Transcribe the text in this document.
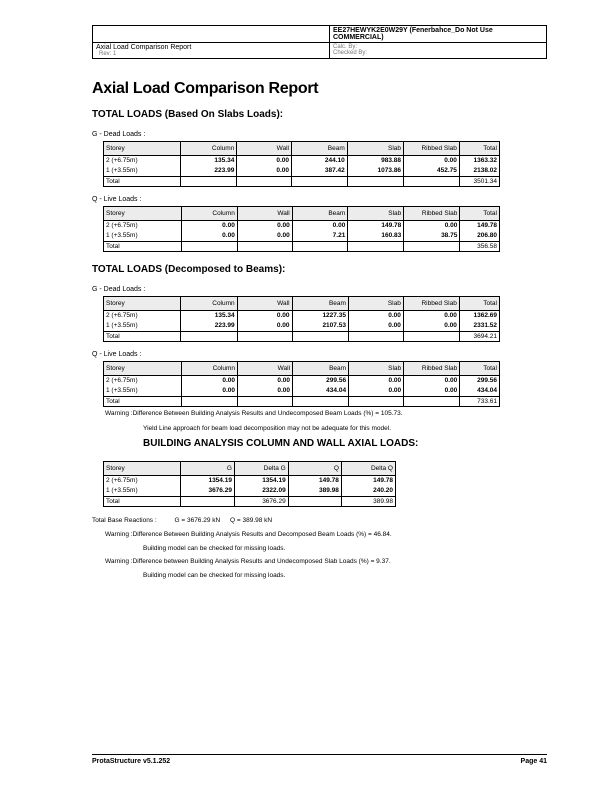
	EE27HEWYK2E0W29Y (Fenerbahce_Do Not Use COMMERCIAL)

Axial Load Comparison Report
Rev: 1

Calc. By:
Checked By:
Axial Load Comparison Report
TOTAL LOADS (Based On Slabs Loads):
G - Dead Loads :
Storey	Column	Wall	Beam	Slab	Ribbed Slab	Total
2 (+6.75m)	135.34	0.00	244.10	983.88	0.00	1363.32
1 (+3.55m)	223.99	0.00	387.42	1073.86	452.75	2138.02
Total						3501.34
Q - Live Loads :
Storey	Column	Wall	Beam	Slab	Ribbed Slab	Total
2 (+6.75m)	0.00	0.00	0.00	149.78	0.00	149.78
1 (+3.55m)	0.00	0.00	7.21	160.83	38.75	206.80
Total						356.58
TOTAL LOADS (Decomposed to Beams):
G - Dead Loads :
Storey	Column	Wall	Beam	Slab	Ribbed Slab	Total
2 (+6.75m)	135.34	0.00	1227.35	0.00	0.00	1362.69
1 (+3.55m)	223.99	0.00	2107.53	0.00	0.00	2331.52
Total						3694.21
Q - Live Loads :
Storey	Column	Wall	Beam	Slab	Ribbed Slab	Total
2 (+6.75m)	0.00	0.00	299.56	0.00	0.00	299.56
1 (+3.55m)	0.00	0.00	434.04	0.00	0.00	434.04
Total						733.61
Warning :Difference Between Building Analysis Results and Undecomposed Beam Loads (%) = 105.73.
Yield Line approach for beam load decomposition may not be adequate for this model.
BUILDING ANALYSIS COLUMN AND WALL AXIAL LOADS:
Storey	G	Delta G	Q	Delta Q
2 (+6.75m)	1354.19	1354.19	149.78	149.78
1 (+3.55m)	3676.29	2322.09	389.98	240.20
Total		3676.29		389.98
Total Base Reactions :	G = 3676.29 kN Q = 389.98 kN
Warning :Difference Between Building Analysis Results and Decomposed Beam Loads (%) = 46.84.
Building model can be checked for missing loads.
Warning :Difference between Building Analysis Results and Undecomposed Slab Loads (%) = 9.37.
Building model can be checked for missing loads.
ProtaStructure v5.1.252	Page 41
